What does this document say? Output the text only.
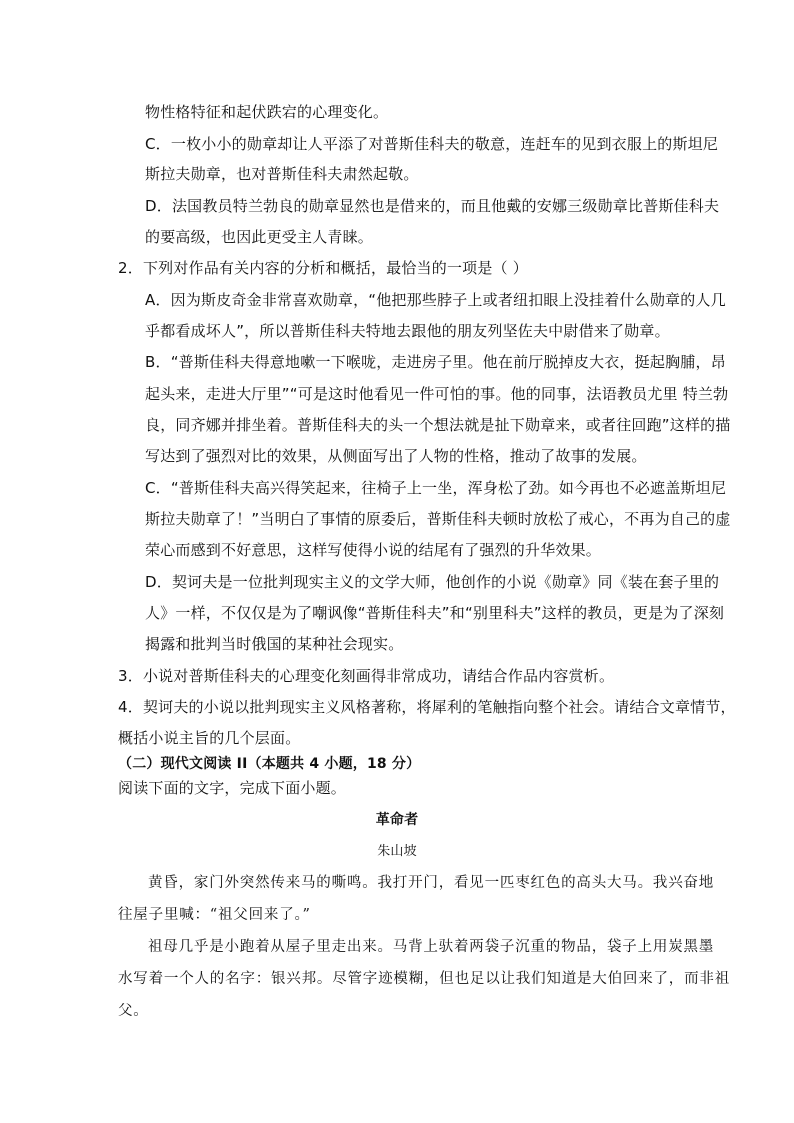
物性格特征和起伏跌宕的心理变化。
C．一枚小小的勋章却让人平添了对普斯佳科夫的敬意，连赶车的见到衣服上的斯坦尼
斯拉夫勋章，也对普斯佳科夫肃然起敬。
D．法国教员特兰勃良的勋章显然也是借来的，而且他戴的安娜三级勋章比普斯佳科夫
的要高级，也因此更受主人青睐。
2．下列对作品有关内容的分析和概括，最恰当的一项是（ ）
A．因为斯皮奇金非常喜欢勋章，“他把那些脖子上或者纽扣眼上没挂着什么勋章的人几
乎都看成坏人”，所以普斯佳科夫特地去跟他的朋友列坚佐夫中尉借来了勋章。
B．“普斯佳科夫得意地嗽一下喉咙，走进房子里。他在前厅脱掉皮大衣，挺起胸脯，昂
起头来，走进大厅里”“可是这时他看见一件可怕的事。他的同事，法语教员尤里 特兰勃
良，同齐娜并排坐着。普斯佳科夫的头一个想法就是扯下勋章来，或者往回跑”这样的描
写达到了强烈对比的效果，从侧面写出了人物的性格，推动了故事的发展。
C．“普斯佳科夫高兴得笑起来，往椅子上一坐，浑身松了劲。如今再也不必遮盖斯坦尼
斯拉夫勋章了！”当明白了事情的原委后，普斯佳科夫顿时放松了戒心，不再为自己的虚
荣心而感到不好意思，这样写使得小说的结尾有了强烈的升华效果。
D．契诃夫是一位批判现实主义的文学大师，他创作的小说《勋章》同《装在套子里的
人》一样，不仅仅是为了嘲讽像“普斯佳科夫”和“别里科夫”这样的教员，更是为了深刻
揭露和批判当时俄国的某种社会现实。
3．小说对普斯佳科夫的心理变化刻画得非常成功，请结合作品内容赏析。
4．契诃夫的小说以批判现实主义风格著称，将犀利的笔触指向整个社会。请结合文章情节，
概括小说主旨的几个层面。
（二）现代文阅读 II（本题共 4 小题，18 分）
阅读下面的文字，完成下面小题。
革命者
朱山坡
黄昏，家门外突然传来马的嘶鸣。我打开门，看见一匹枣红色的高头大马。我兴奋地
往屋子里喊：“祖父回来了。”
祖母几乎是小跑着从屋子里走出来。马背上驮着两袋子沉重的物品，袋子上用炭黑墨
水写着一个人的名字：银兴邦。尽管字迹模糊，但也足以让我们知道是大伯回来了，而非祖
父。
